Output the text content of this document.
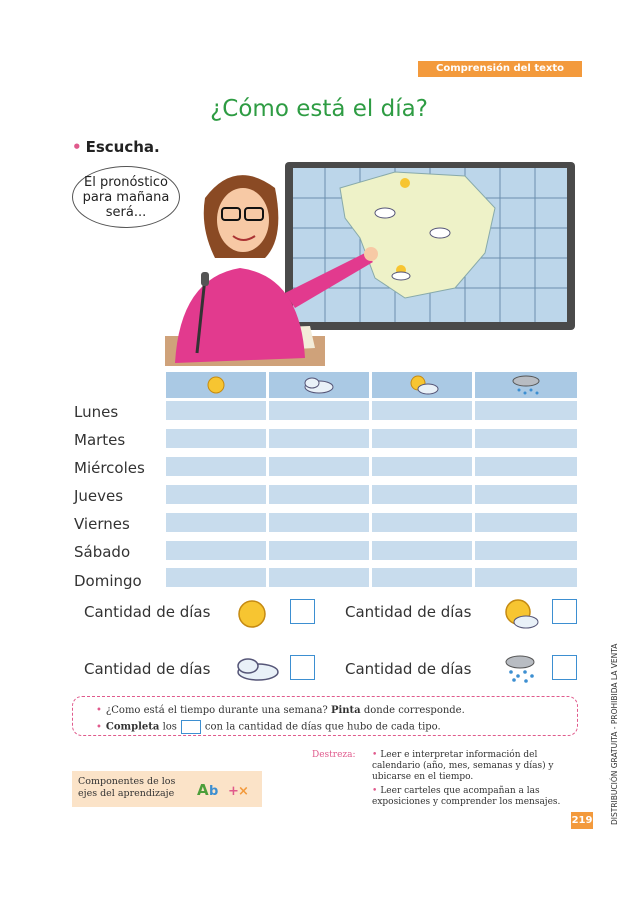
Comprensión del texto
¿Cómo está el día?
• Escucha.
El pronóstico para mañana será...
Lunes
Martes
Miércoles
Jueves
Viernes
Sábado
Domingo
Cantidad de días	Cantidad de días
Cantidad de días	Cantidad de días
• ¿Como está el tiempo durante una semana? Pinta donde corresponde.
• Completa los	con la cantidad de días que hubo de cada tipo.
Destreza: • Leer e interpretar información del calendario (año, mes, semanas y días) y ubicarse en el tiempo.
• Leer carteles que acompañan a las exposiciones y comprender los mensajes.
Componentes de los ejes del aprendizaje A b + ×
219 DISTRIBUCIÓN GRATUITA - PROHIBIDA LA VENTA
